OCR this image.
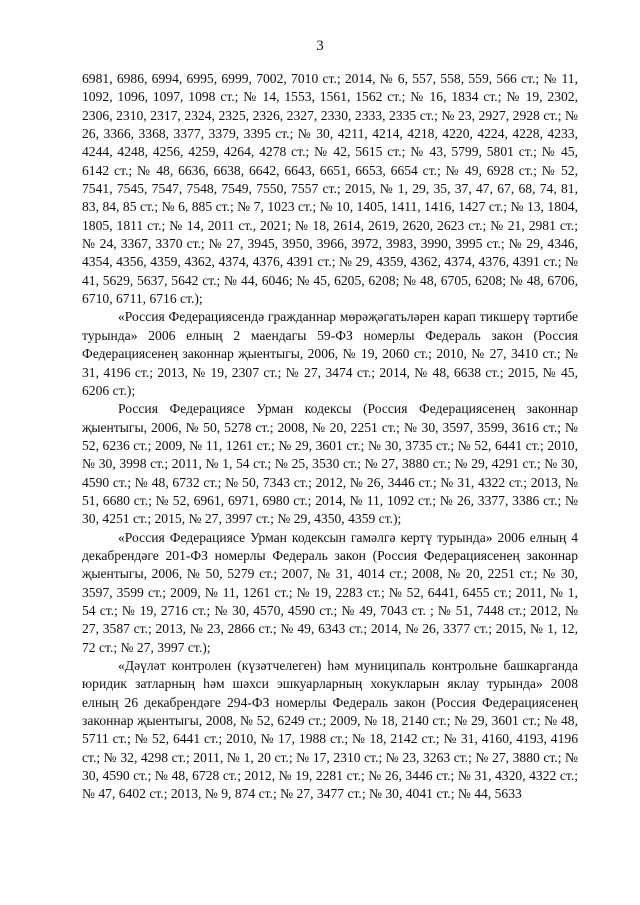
3

6981, 6986, 6994, 6995, 6999, 7002, 7010 ст.; 2014, № 6, 557, 558, 559, 566 ст.; № 11, 1092, 1096, 1097, 1098 ст.; № 14, 1553, 1561, 1562 ст.; № 16, 1834 ст.; № 19, 2302, 2306, 2310, 2317, 2324, 2325, 2326, 2327, 2330, 2333, 2335 ст.; № 23, 2927, 2928 ст.; № 26, 3366, 3368, 3377, 3379, 3395 ст.; № 30, 4211, 4214, 4218, 4220, 4224, 4228, 4233, 4244, 4248, 4256, 4259, 4264, 4278 ст.; № 42, 5615 ст.; № 43, 5799, 5801 ст.; № 45, 6142 ст.; № 48, 6636, 6638, 6642, 6643, 6651, 6653, 6654 ст.; № 49, 6928 ст.; № 52, 7541, 7545, 7547, 7548, 7549, 7550, 7557 ст.; 2015, № 1, 29, 35, 37, 47, 67, 68, 74, 81, 83, 84, 85 ст.; № 6, 885 ст.; № 7, 1023 ст.; № 10, 1405, 1411, 1416, 1427 ст.; № 13, 1804, 1805, 1811 ст.; № 14, 2011 ст., 2021; № 18, 2614, 2619, 2620, 2623 ст.; № 21, 2981 ст.; № 24, 3367, 3370 ст.; № 27, 3945, 3950, 3966, 3972, 3983, 3990, 3995 ст.; № 29, 4346, 4354, 4356, 4359, 4362, 4374, 4376, 4391 ст.; № 29, 4359, 4362, 4374, 4376, 4391 ст.; № 41, 5629, 5637, 5642 ст.; № 44, 6046; № 45, 6205, 6208; № 48, 6705, 6208; № 48, 6706, 6710, 6711, 6716 ст.);

«Россия Федерациясендә гражданнар мөрәҗәгатьләрен карап тикшерү тәртибе турында» 2006 елның 2 маендагы 59-ФЗ номерлы Федераль закон (Россия Федерациясенең законнар җыентыгы, 2006, № 19, 2060 ст.; 2010, № 27, 3410 ст.; № 31, 4196 ст.; 2013, № 19, 2307 ст.; № 27, 3474 ст.; 2014, № 48, 6638 ст.; 2015, № 45, 6206 ст.);

Россия Федерациясе Урман кодексы (Россия Федерациясенең законнар җыентыгы, 2006, № 50, 5278 ст.; 2008, № 20, 2251 ст.; № 30, 3597, 3599, 3616 ст.; № 52, 6236 ст.; 2009, № 11, 1261 ст.; № 29, 3601 ст.; № 30, 3735 ст.; № 52, 6441 ст.; 2010, № 30, 3998 ст.; 2011, № 1, 54 ст.; № 25, 3530 ст.; № 27, 3880 ст.; № 29, 4291 ст.; № 30, 4590 ст.; № 48, 6732 ст.; № 50, 7343 ст.; 2012, № 26, 3446 ст.; № 31, 4322 ст.; 2013, № 51, 6680 ст.; № 52, 6961, 6971, 6980 ст.; 2014, № 11, 1092 ст.; № 26, 3377, 3386 ст.; № 30, 4251 ст.; 2015, № 27, 3997 ст.; № 29, 4350, 4359 ст.);

«Россия Федерациясе Урман кодексын гамәлгә кертү турында» 2006 елның 4 декабрендәге 201-ФЗ номерлы Федераль закон (Россия Федерациясенең законнар җыентыгы, 2006, № 50, 5279 ст.; 2007, № 31, 4014 ст.; 2008, № 20, 2251 ст.; № 30, 3597, 3599 ст.; 2009, № 11, 1261 ст.; № 19, 2283 ст.; № 52, 6441, 6455 ст.; 2011, № 1, 54 ст.; № 19, 2716 ст.; № 30, 4570, 4590 ст.; № 49, 7043 ст. ; № 51, 7448 ст.; 2012, № 27, 3587 ст.; 2013, № 23, 2866 ст.; № 49, 6343 ст.; 2014, № 26, 3377 ст.; 2015, № 1, 12, 72 ст.; № 27, 3997 ст.);

«Дәүләт контролен (күзәтчелеген) һәм муниципаль контрольне башкарганда юридик затларның һәм шәхси эшкуарларның хокукларын яклау турында» 2008 елның 26 декабрендәге 294-ФЗ номерлы Федераль закон (Россия Федерациясенең законнар җыентыгы, 2008, № 52, 6249 ст.; 2009, № 18, 2140 ст.; № 29, 3601 ст.; № 48, 5711 ст.; № 52, 6441 ст.; 2010, № 17, 1988 ст.; № 18, 2142 ст.; № 31, 4160, 4193, 4196 ст.; № 32, 4298 ст.; 2011, № 1, 20 ст.; № 17, 2310 ст.; № 23, 3263 ст.; № 27, 3880 ст.; № 30, 4590 ст.; № 48, 6728 ст.; 2012, № 19, 2281 ст.; № 26, 3446 ст.; № 31, 4320, 4322 ст.; № 47, 6402 ст.; 2013, № 9, 874 ст.; № 27, 3477 ст.; № 30, 4041 ст.; № 44, 5633
